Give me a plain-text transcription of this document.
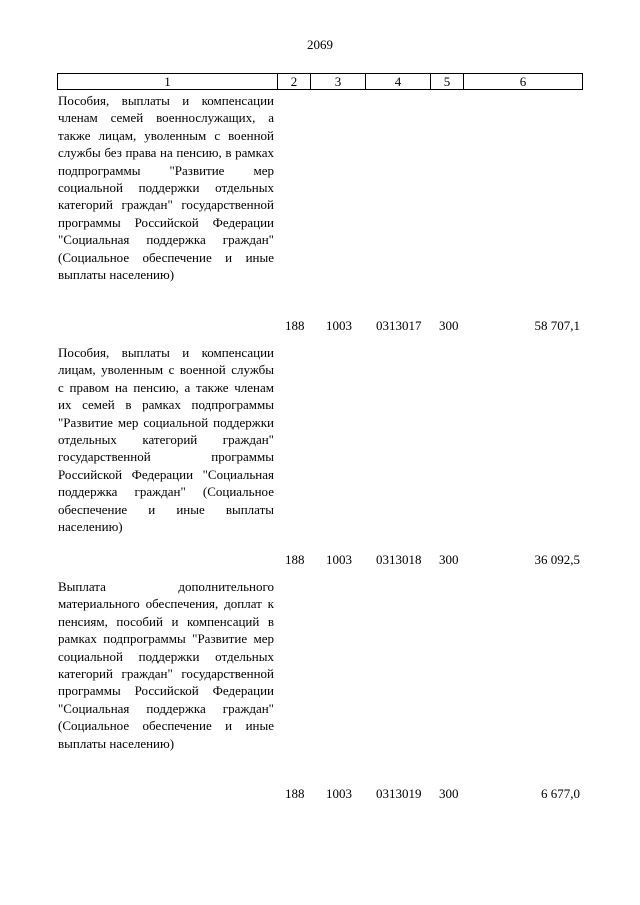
2069
1	2	3	4	5	6

Пособия, выплаты и компенсации членам семей военнослужащих, а также лицам, уволенным с военной службы без права на пенсию, в рамках подпрограммы "Развитие мер социальной поддержки отдельных категорий граждан" государственной программы Российской Федерации "Социальная поддержка граждан" (Социальное обеспечение и иные выплаты населению)

188 1003 0313017 300	58 707,1

Пособия, выплаты и компенсации лицам, уволенным с военной службы с правом на пенсию, а также членам их семей в рамках подпрограммы "Развитие мер социальной поддержки отдельных категорий граждан" государственной программы Российской Федерации "Социальная поддержка граждан" (Социальное обеспечение и иные выплаты населению)

188 1003 0313018 300	36 092,5

Выплата дополнительного материального обеспечения, доплат к пенсиям, пособий и компенсаций в рамках подпрограммы "Развитие мер социальной поддержки отдельных категорий граждан" государственной программы Российской Федерации "Социальная поддержка граждан" (Социальное обеспечение и иные выплаты населению)

188 1003 0313019 300	6 677,0
